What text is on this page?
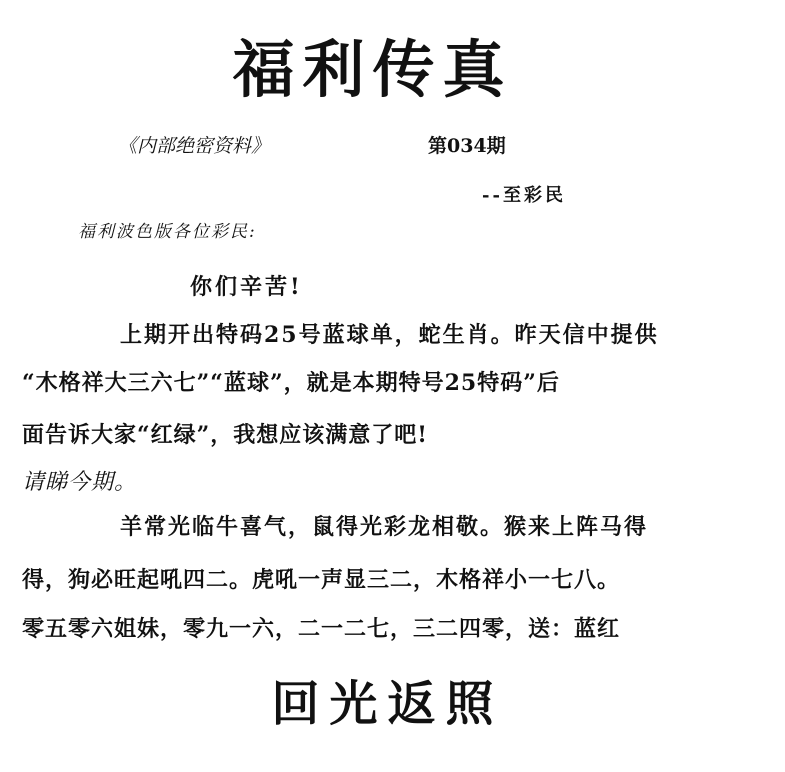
福利传真
《内部绝密资料》	第034期
--至彩民
福利波色版各位彩民:
你们辛苦!
上期开出特码25号蓝球单，蛇生肖。昨天信中提供
“木格祥大三六七”“蓝球”，就是本期特号25特码”后
面告诉大家“红绿”，我想应该满意了吧!
请睇今期。
羊常光临牛喜气，鼠得光彩龙相敬。猴来上阵马得
得，狗必旺起吼四二。虎吼一声显三二，木格祥小一七八。
零五零六姐妹，零九一六，二一二七，三二四零，送：蓝红
回光返照
